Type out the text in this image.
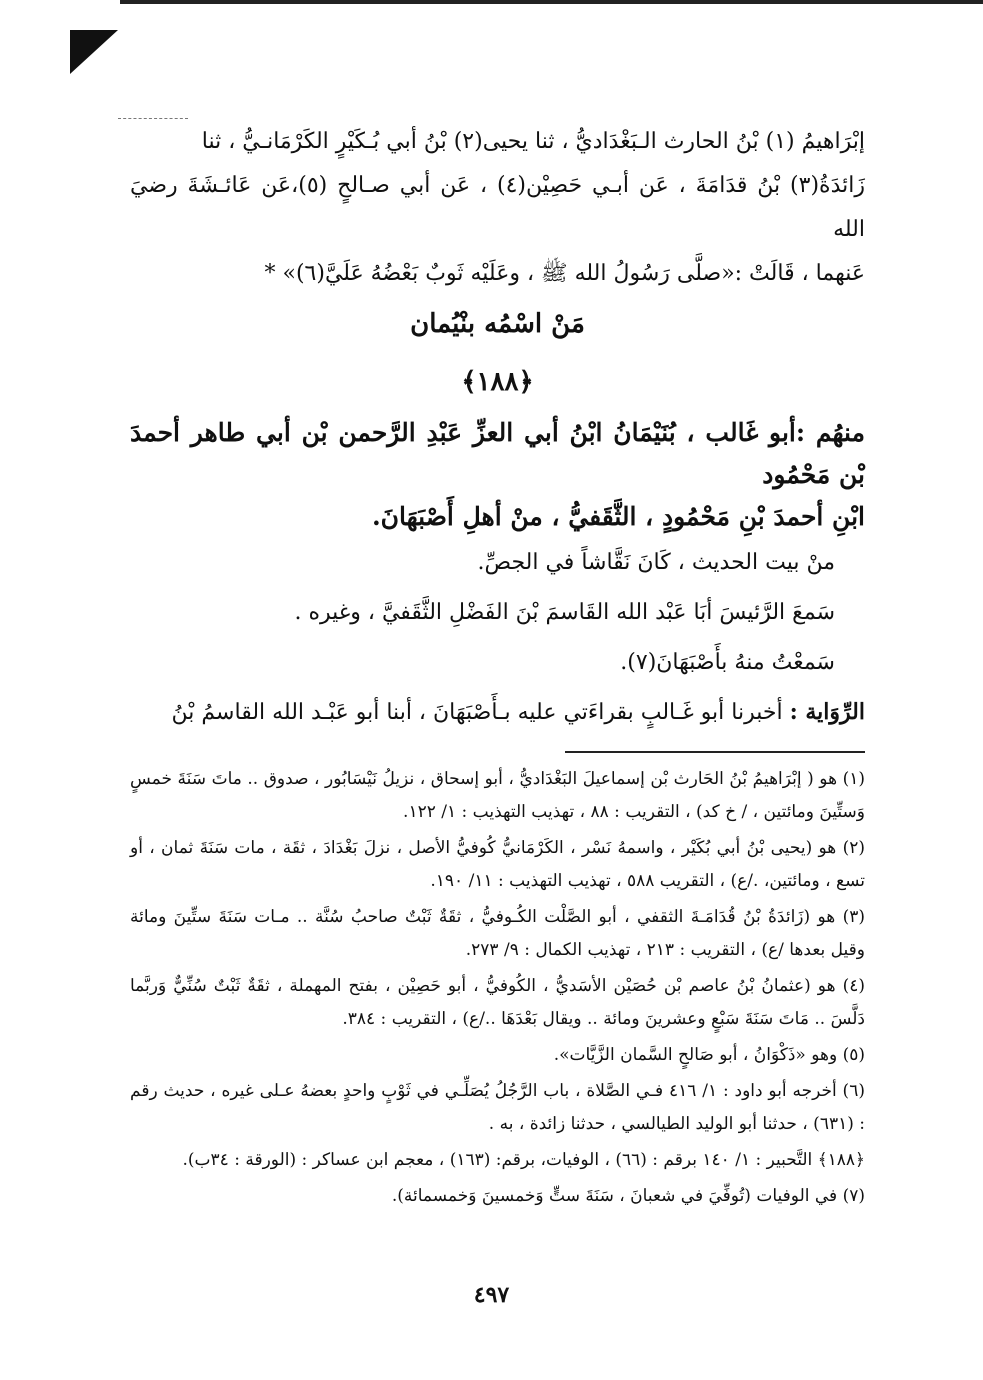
إبْرَاهيمُ (١) بْنُ الحارث الـبَغْدَاديُّ ، ثنا يحيى(٢) بْنُ أبي بُـكَيْرٍ الكَرْمَانـيُّ ، ثنا

زَائدَةُ(٣) بْنُ قدَامَةَ ، عَن أبـي حَصِيْن(٤) ، عَن أبي صـالحٍ (٥)،عَن عَائـشَةَ رضيَ الله

عَنهما ، قَالَتْ :«صلَّى رَسُولُ الله ﷺ ، وعَلَيْه ثَوبٌ بَعْضُهُ عَلَيَّ(٦)» *

مَنْ اسْمُه بنْيُمان
﴿١٨٨﴾

منهُم :أبو غَالب ، بُنَيْمَانُ ابْنُ أبي العزِّ عَبْدِ الرَّحمن بْن أبي طاهر أحمدَ بْن مَحْمُود

ابْنِ أحمدَ بْنِ مَحْمُودٍ ، الثَّقَفيُّ ، منْ أهلِ أَصْبَهَانَ.

منْ بيت الحديث ، كَانَ نَقَّاشاً في الجصِّ.

سَمعَ الرَّئيسَ أبَا عَبْد الله القَاسمَ بْنَ الفَضْلِ الثَّقَفيَّ ، وغيره .

سَمعْتُ منهُ بأَصْبَهَانَ(٧).

الرِّوَاية : أخبرنا أبو غَـالبٍ بقراءَتي عليه بـأَصْبَهَانَ ، أبنا أبو عَبْـد الله القاسمُ بْنُ

(١) هو ( إبْرَاهيمُ بْنُ الحَارث بْن إسماعيلَ البَغْدَاديُّ ، أبو إسحاق ، نزيلُ نَيْسَابُور ، صدوق .. ماتَ سَنَةَ خمسٍ وَستِّينَ ومائتين ، / خ كد) ، التقريب : ٨٨ ، تهذيب التهذيب : ١/ ١٢٢.

(٢) هو (يحيى بْنُ أبي بُكَيْر ، واسمهُ نَسْر ، الكَرْمَانيُّ كُوفيُّ الأصل ، نزلَ بَغْدَادَ ، ثقَة ، مات سَنَةَ ثمان ، أو تسع ، ومائتين، ./ع) ، التقريب ٥٨٨ ، تهذيب التهذيب : ١١/ ١٩٠.

(٣) هو (زَائدَةُ بْنُ قُدَامَـةَ الثقفي ، أبو الصَّلْت الكُـوفيُّ ، ثقَةٌ ثَبْتٌ صاحبُ سُنَّة .. مـات سَنَةَ ستِّينَ ومائة وقيل بعدها /ع) ، التقريب : ٢١٣ ، تهذيب الكمال : ٩/ ٢٧٣.

(٤) هو (عثمانُ بْنُ عاصم بْن حُصَيْن الأسَديُّ ، الكُوفيُّ ، أبو حَصِيْن ، بفتح المهملة ، ثقَةٌ ثَبْتٌ سُنِّيٌّ وَربَّما دَلَّسَ .. مَاتَ سَنَةَ سَبْعٍ وعشرينَ ومائة .. ويقال بَعْدَهَا ../ع) ، التقريب : ٣٨٤.

(٥) وهو «ذَكْوَانُ ، أبو صَالحٍ السَّمان الزَّيَّات».

(٦) أخرجه أبو داود : ١/ ٤١٦ فـي الصَّلاة ، باب الرَّجُلُ يُصَلِّـي في ثَوْبٍ واحدٍ بعضهُ عـلى غيره ، حديث رقم : (٦٣١) ، حدثنا أبو الوليد الطيالسي ، حدثنا زائدة ، به .

﴿١٨٨﴾ التَّحبير : ١/ ١٤٠ برقم : (٦٦) ، الوفيات، برقم: (١٦٣) ، معجم ابن عساكر : (الورقة : ٣٤ب).

(٧) في الوفيات (تُوفِّيَ في شعبانَ ، سَنَةَ ستٍّ وَخمسينَ وَخمسمائة).

٤٩٧
